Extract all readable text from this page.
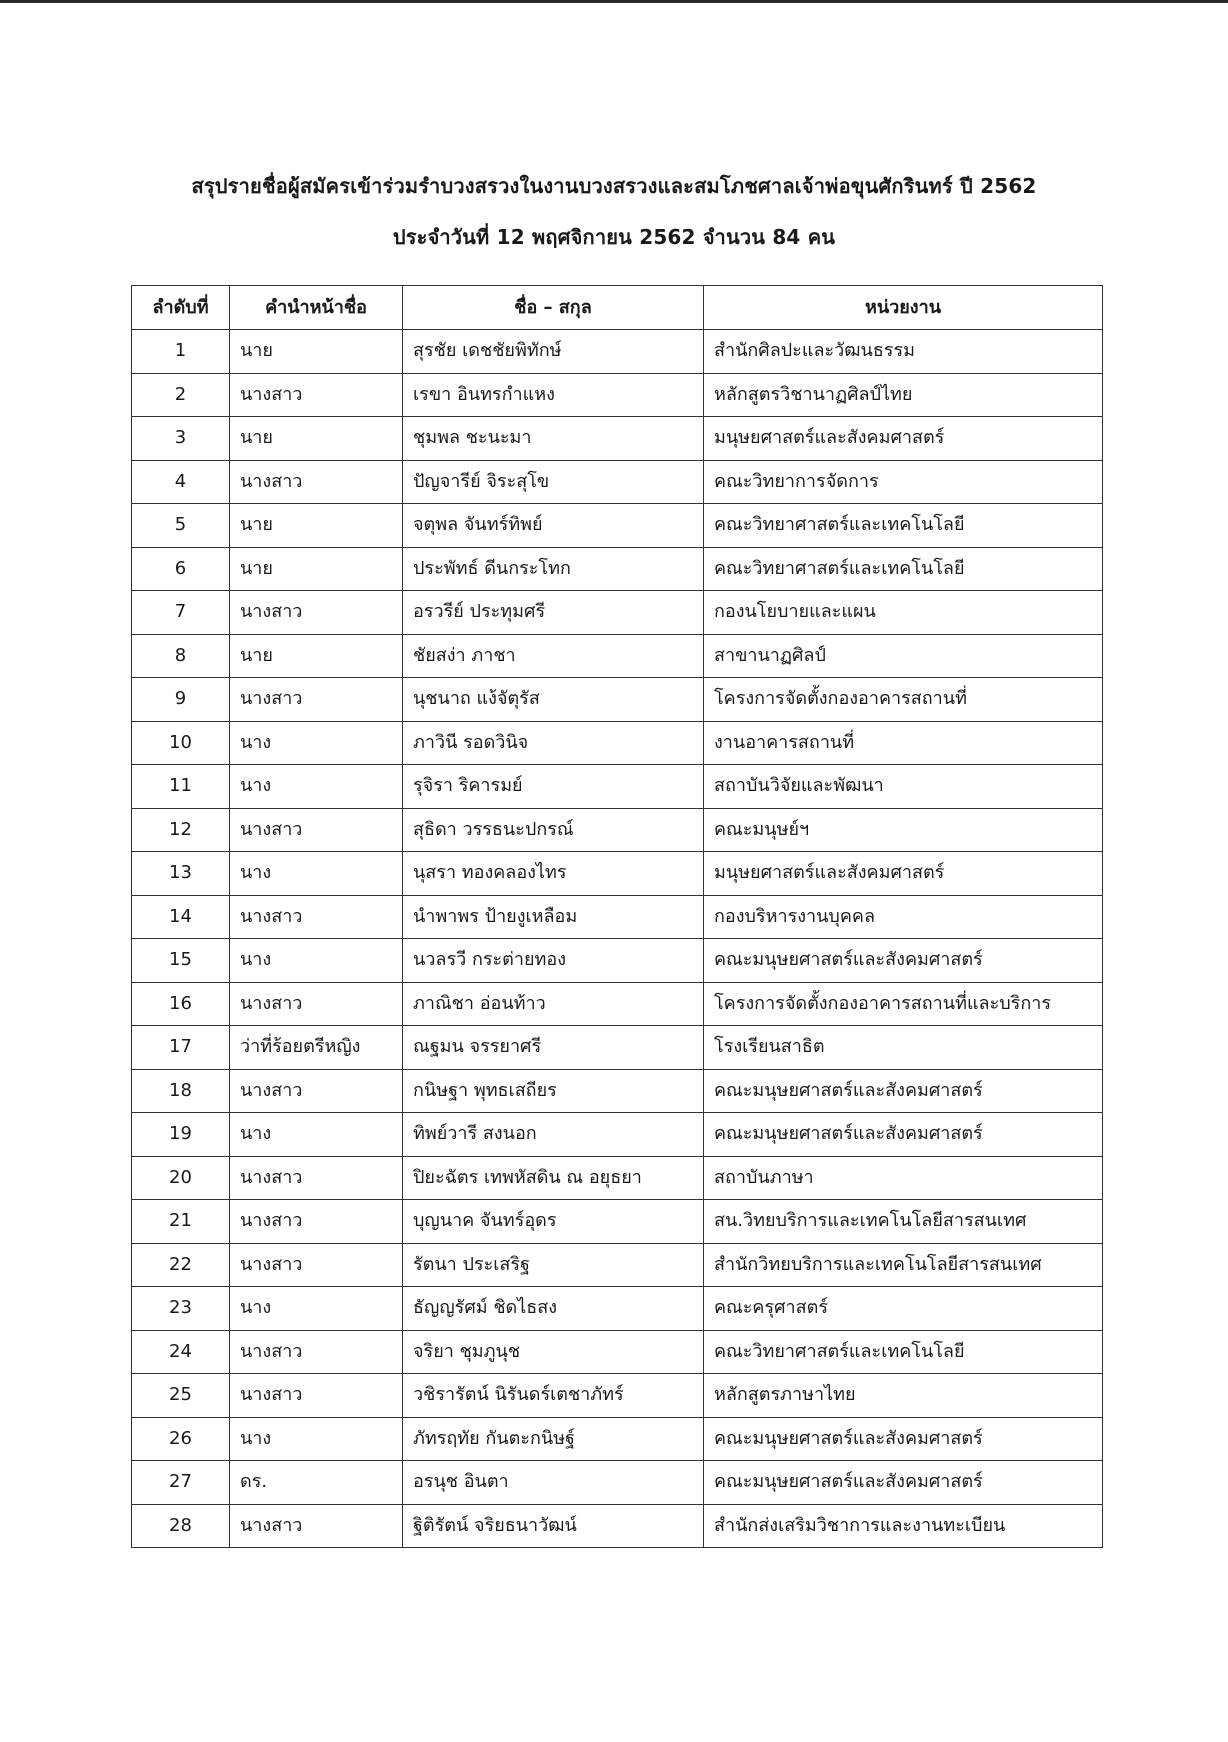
สรุปรายชื่อผู้สมัครเข้าร่วมรำบวงสรวงในงานบวงสรวงและสมโภชศาลเจ้าพ่อขุนศักรินทร์ ปี 2562
ประจำวันที่ 12 พฤศจิกายน 2562 จำนวน 84 คน
ลำดับที่	คำนำหน้าชื่อ	ชื่อ – สกุล	หน่วยงาน
1	นาย	สุรชัย เดชชัยพิทักษ์	สำนักศิลปะและวัฒนธรรม
2	นางสาว	เรขา อินทรกำแหง	หลักสูตรวิชานาฏศิลป์ไทย
3	นาย	ชุมพล ชะนะมา	มนุษยศาสตร์และสังคมศาสตร์
4	นางสาว	ปัญจารีย์ จิระสุโข	คณะวิทยาการจัดการ
5	นาย	จตุพล จันทร์ทิพย์	คณะวิทยาศาสตร์และเทคโนโลยี
6	นาย	ประพัทธ์ ดีนกระโทก	คณะวิทยาศาสตร์และเทคโนโลยี
7	นางสาว	อรวรีย์ ประทุมศรี	กองนโยบายและแผน
8	นาย	ชัยสง่า ภาชา	สาขานาฏศิลป์
9	นางสาว	นุชนาถ แง้จัตุรัส	โครงการจัดตั้งกองอาคารสถานที่
10	นาง	ภาวินี รอดวินิจ	งานอาคารสถานที่
11	นาง	รุจิรา ริคารมย์	สถาบันวิจัยและพัฒนา
12	นางสาว	สุธิดา วรรธนะปกรณ์	คณะมนุษย์ฯ
13	นาง	นุสรา ทองคลองไทร	มนุษยศาสตร์และสังคมศาสตร์
14	นางสาว	นำพาพร ป้ายงูเหลือม	กองบริหารงานบุคคล
15	นาง	นวลรวี กระต่ายทอง	คณะมนุษยศาสตร์และสังคมศาสตร์
16	นางสาว	ภาณิชา อ่อนท้าว	โครงการจัดตั้งกองอาคารสถานที่และบริการ
17	ว่าที่ร้อยตรีหญิง	ณฐมน จรรยาศรี	โรงเรียนสาธิต
18	นางสาว	กนิษฐา พุทธเสถียร	คณะมนุษยศาสตร์และสังคมศาสตร์
19	นาง	ทิพย์วารี สงนอก	คณะมนุษยศาสตร์และสังคมศาสตร์
20	นางสาว	ปิยะฉัตร เทพหัสดิน ณ อยุธยา	สถาบันภาษา
21	นางสาว	บุญนาค จันทร์อุดร	สน.วิทยบริการและเทคโนโลยีสารสนเทศ
22	นางสาว	รัตนา ประเสริฐ	สำนักวิทยบริการและเทคโนโลยีสารสนเทศ
23	นาง	ธัญญรัศม์ ชิดไธสง	คณะครุศาสตร์
24	นางสาว	จริยา ชุมภูนุช	คณะวิทยาศาสตร์และเทคโนโลยี
25	นางสาว	วชิรารัตน์ นิรันดร์เตชาภัทร์	หลักสูตรภาษาไทย
26	นาง	ภัทรฤทัย กันตะกนิษฐ์	คณะมนุษยศาสตร์และสังคมศาสตร์
27	ดร.	อรนุช อินตา	คณะมนุษยศาสตร์และสังคมศาสตร์
28	นางสาว	ฐิติรัตน์ จริยธนาวัฒน์	สำนักส่งเสริมวิชาการและงานทะเบียน
